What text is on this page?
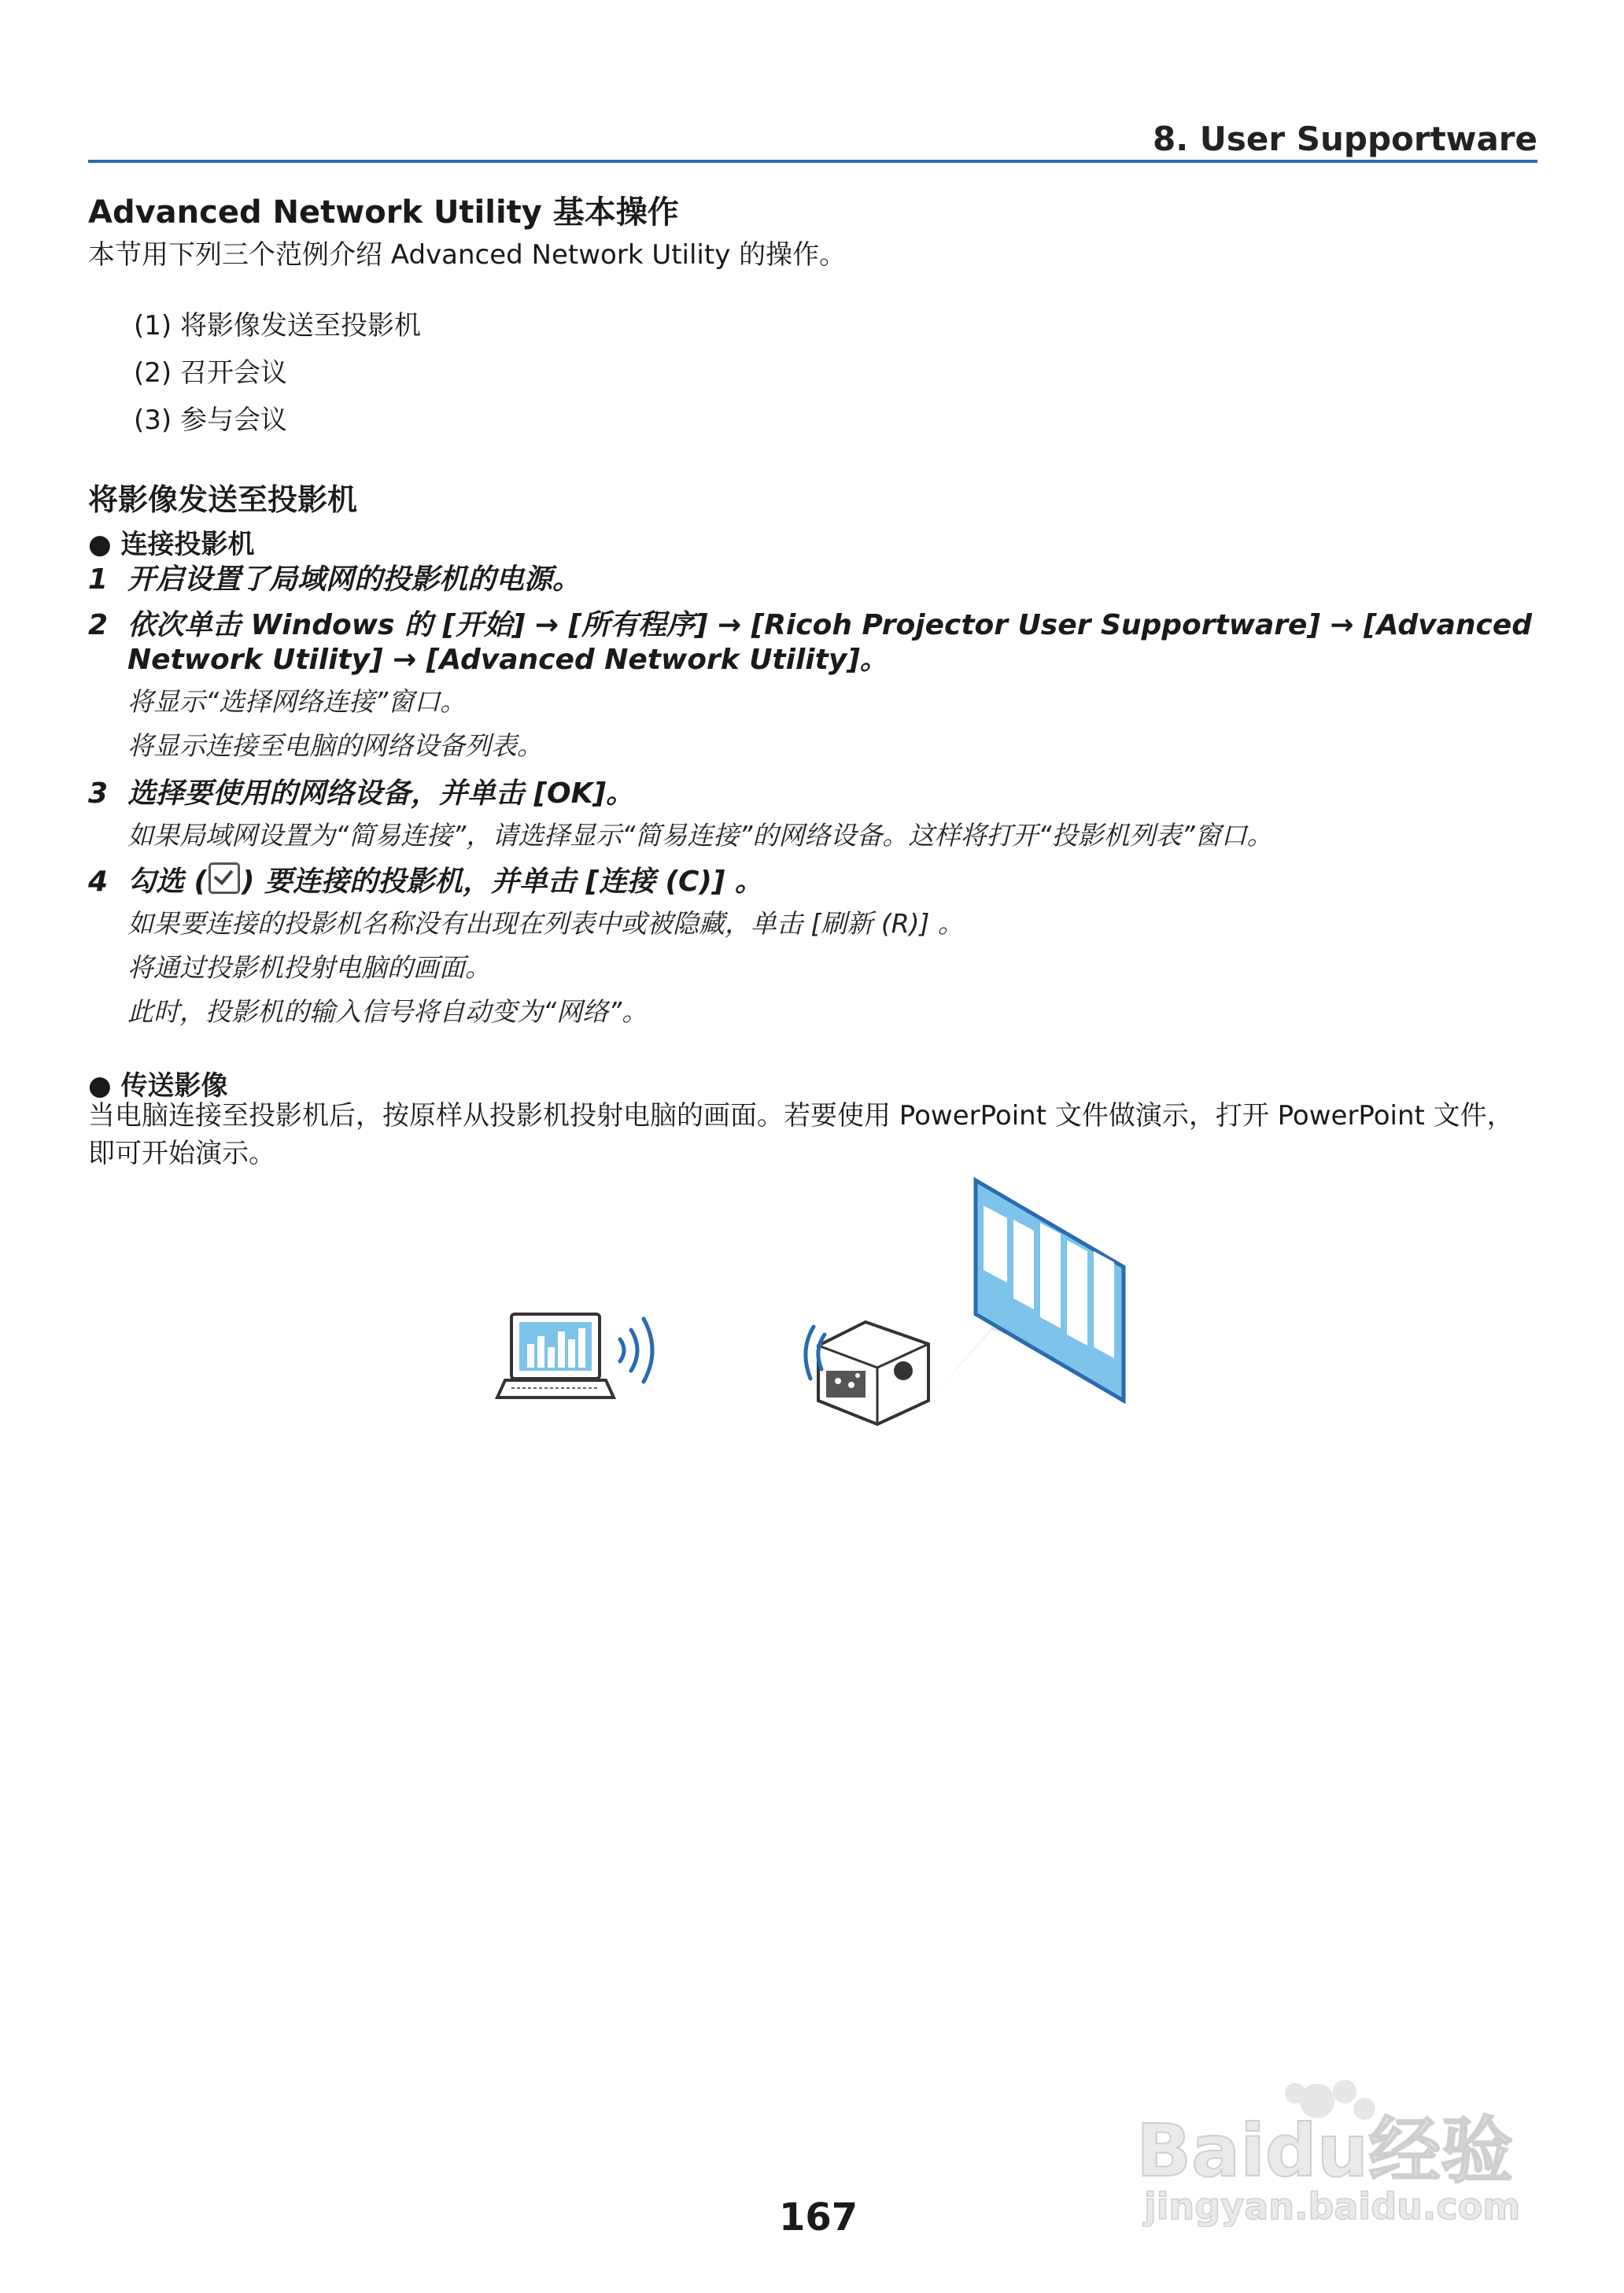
8. User Supportware
Advanced Network Utility 基本操作
本节用下列三个范例介绍 Advanced Network Utility 的操作。
(1) 将影像发送至投影机
(2) 召开会议
(3) 参与会议
将影像发送至投影机
● 连接投影机
1 开启设置了局域网的投影机的电源。
2 依次单击 Windows 的 [开始] → [所有程序] → [Ricoh Projector User Supportware] → [Advanced
Network Utility] → [Advanced Network Utility]。
将显示“选择网络连接”窗口。
将显示连接至电脑的网络设备列表。
3 选择要使用的网络设备，并单击 [OK]。
如果局域网设置为“简易连接”，请选择显示“简易连接”的网络设备。这样将打开“投影机列表”窗口。
4 勾选 ( ) 要连接的投影机，并单击 [连接 (C)] 。
如果要连接的投影机名称没有出现在列表中或被隐藏，单击 [刷新 (R)] 。
将通过投影机投射电脑的画面。
此时，投影机的输入信号将自动变为“网络”。
● 传送影像
当电脑连接至投影机后，按原样从投影机投射电脑的画面。若要使用 PowerPoint 文件做演示，打开 PowerPoint 文件，即可开始演示。
Baidu经验
jingyan.baidu.com
167
